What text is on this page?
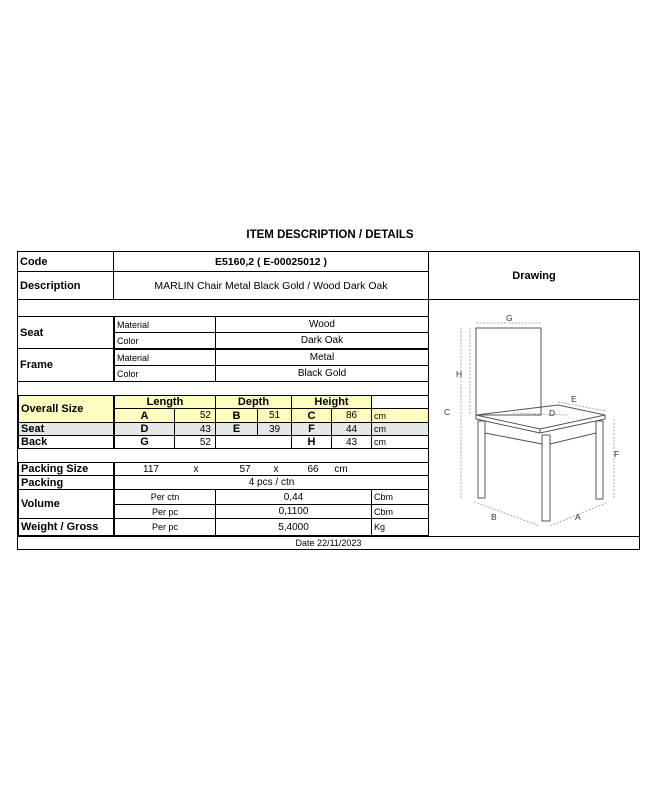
ITEM DESCRIPTION / DETAILS
Code	E5160,2 ( E-00025012 )
Description	MARLIN Chair Metal Black Gold / Wood Dark Oak
Drawing
Seat
Material	Wood
Color	Dark Oak
Frame
Material	Metal
Color	Black Gold
Overall Size
Length	Depth	Height
A	52	B	51	C	86	cm
Seat	D	43	E	39	F	44	cm
Back	G	52	H	43	cm
Packing Size	117	x	57	x	66	cm
Packing	4 pcs / ctn
Volume
Per ctn	0,44	Cbm
Per pc	0,1100	Cbm
Weight / Gross	Per pc	5,4000	Kg
Date 22/11/2023
G
H
C
E
D
F
B	A
